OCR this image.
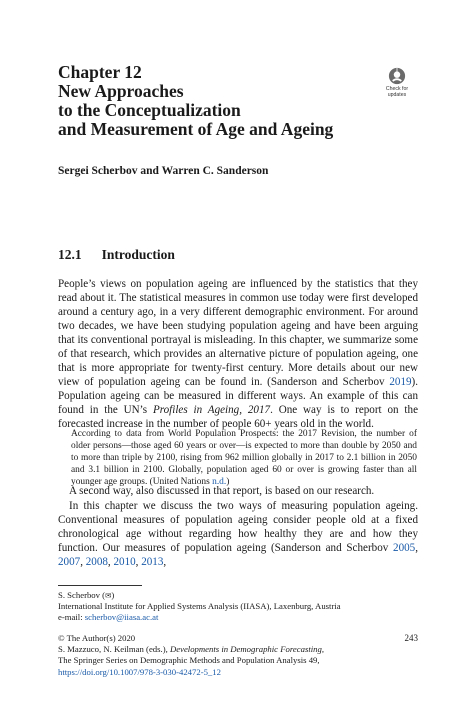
Chapter 12
New Approaches
to the Conceptualization
and Measurement of Age and Ageing
Check for
updates
Sergei Scherbov and Warren C. Sanderson
12.1 Introduction
People’s views on population ageing are influenced by the statistics that they read about it. The statistical measures in common use today were first developed around a century ago, in a very different demographic environment. For around two decades, we have been studying population ageing and have been arguing that its conventional portrayal is misleading. In this chapter, we summarize some of that research, which provides an alternative picture of population ageing, one that is more appropriate for twenty-first century. More details about our new view of population ageing can be found in. (Sanderson and Scherbov 2019). Population ageing can be measured in different ways. An example of this can found in the UN’s Profiles in Ageing, 2017. One way is to report on the forecasted increase in the number of people 60+ years old in the world.
According to data from World Population Prospects: the 2017 Revision, the number of older persons—those aged 60 years or over—is expected to more than double by 2050 and to more than triple by 2100, rising from 962 million globally in 2017 to 2.1 billion in 2050 and 3.1 billion in 2100. Globally, population aged 60 or over is growing faster than all younger age groups. (United Nations n.d.)
A second way, also discussed in that report, is based on our research.
In this chapter we discuss the two ways of measuring population ageing. Conventional measures of population ageing consider people old at a fixed chronological age without regarding how healthy they are and how they function. Our measures of population ageing (Sanderson and Scherbov 2005, 2007, 2008, 2010, 2013,
S. Scherbov (✉)
International Institute for Applied Systems Analysis (IIASA), Laxenburg, Austria
e-mail: scherbov@iiasa.ac.at
© The Author(s) 2020
S. Mazzuco, N. Keilman (eds.), Developments in Demographic Forecasting,
The Springer Series on Demographic Methods and Population Analysis 49,
https://doi.org/10.1007/978-3-030-42472-5_12
243
